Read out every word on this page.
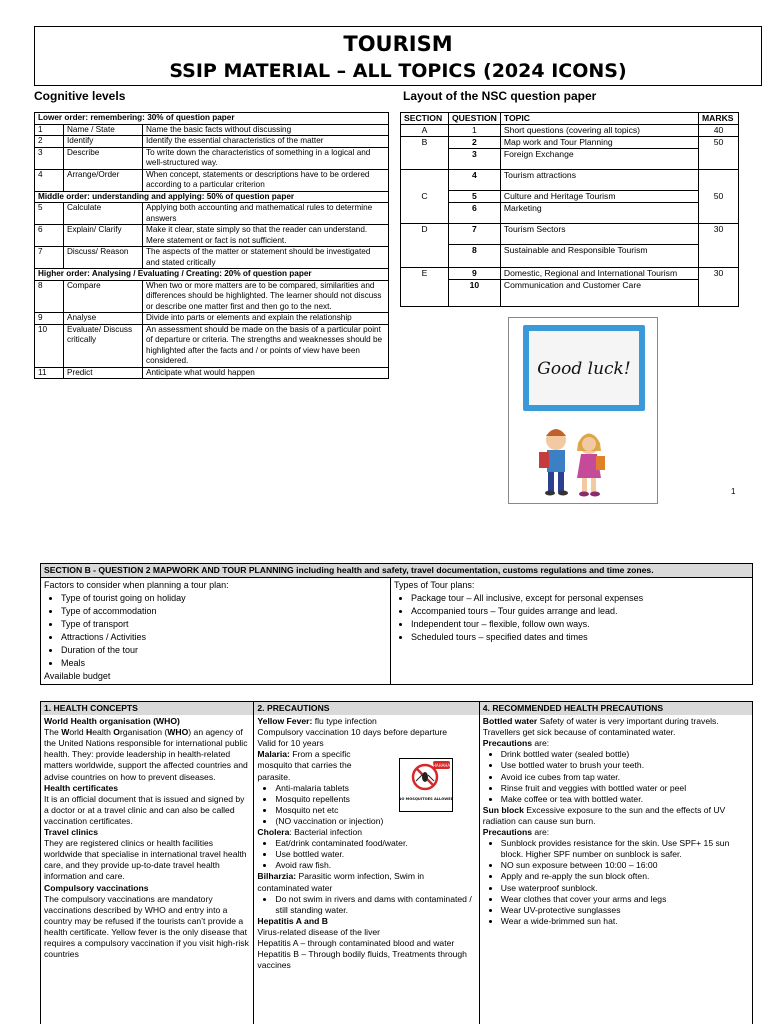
TOURISM
SSIP MATERIAL – ALL TOPICS (2024 ICONS)
Cognitive levels
Lower order: remembering: 30% of question paper		
1	Name / State	Name the basic facts without discussing
2	Identify	Identify the essential characteristics of the matter
3	Describe	To write down the characteristics of something in a logical and well-structured way.
4	Arrange/Order	When concept, statements or descriptions have to be ordered according to a particular criterion
Middle order: understanding and applying: 50% of question paper		
5	Calculate	Applying both accounting and mathematical rules to determine answers
6	Explain/ Clarify	Make it clear, state simply so that the reader can understand. Mere statement or fact is not sufficient.
7	Discuss/ Reason	The aspects of the matter or statement should be investigated and stated critically
Higher order: Analysing / Evaluating / Creating: 20% of question paper		
8	Compare	When two or more matters are to be compared, similarities and differences should be highlighted. The learner should not discuss or describe one matter first and then go to the next.
9	Analyse	Divide into parts or elements and explain the relationship
10	Evaluate/ Discuss critically	An assessment should be made on the basis of a particular point of departure or criteria. The strengths and weaknesses should be highlighted after the facts and / or points of view have been considered.
11	Predict	Anticipate what would happen
Layout of the NSC question paper
SECTION	QUESTION	TOPIC	MARKS
A	1	Short questions (covering all topics)	40
B	2	Map work and Tour Planning	50
	3	Foreign Exchange	
C	4	Tourism attractions	50
	5	Culture and Heritage Tourism	
	6	Marketing	
D	7	Tourism Sectors	30
	8	Sustainable and Responsible Tourism	
E	9	Domestic, Regional and International Tourism	30
	10	Communication and Customer Care	
Good luck!
1
SECTION B - QUESTION 2 MAPWORK AND TOUR PLANNING including health and safety, travel documentation, customs regulations and time zones.
Factors to consider when planning a tour plan:
• Type of tourist going on holiday
• Type of accommodation
• Type of transport
• Attractions / Activities
• Duration of the tour
• Meals
Available budget
Types of Tour plans:
• Package tour – All inclusive, except for personal expenses
• Accompanied tours – Tour guides arrange and lead.
• Independent tour – flexible, follow own ways.
• Scheduled tours – specified dates and times
1. HEALTH CONCEPTS
World Health organisation (WHO)

The World Health Organisation (WHO) an agency of the United Nations responsible for international public health. They: provide leadership in health-related matters worldwide, support the affected countries and advise countries on how to prevent diseases.

Health certificates

It is an official document that is issued and signed by a doctor or at a travel clinic and can also be called vaccination certificates.

Travel clinics

They are registered clinics or health facilities worldwide that specialise in international travel health care, and they provide up-to-date travel health information and care.

Compulsory vaccinations

The compulsory vaccinations are mandatory vaccinations described by WHO and entry into a country may be refused if the tourists can’t provide a health certificate. Yellow fever is the only disease that requires a compulsory vaccination if you visit high-risk countries

2. PRECAUTIONS

Yellow Fever: flu type infection

Compulsory vaccination 10 days before departure

Valid for 10 years

Malaria: From a specific mosquito that carries the parasite.

• Anti-malaria tablets
• Mosquito repellents
• Mosquito net etc
• (NO vaccination or injection)

Cholera: Bacterial infection

• Eat/drink contaminated food/water.
• Use bottled water.
• Avoid raw fish.

Bilharzia: Parasitic worm infection, Swim in contaminated water

• Do not swim in rivers and dams with contaminated / still standing water.
Hepatitis A and B

Virus-related disease of the liver

Hepatitis A – through contaminated blood and water

Hepatitis B – Through bodily fluids, Treatments through vaccines

HAHAHA
NO MOSQUITOES ALLOWED
4. RECOMMENDED HEALTH PRECAUTIONS

Bottled water Safety of water is very important during travels. Travellers get sick because of contaminated water.

Precautions are:

• Drink bottled water (sealed bottle)
• Use bottled water to brush your teeth.
• Avoid ice cubes from tap water.
• Rinse fruit and veggies with bottled water or peel
• Make coffee or tea with bottled water.

Sun block Excessive exposure to the sun and the effects of UV radiation can cause sun burn.

Precautions are:

• Sunblock provides resistance for the skin. Use SPF+ 15 sun block. Higher SPF number on sunblock is safer.
• NO sun exposure between 10:00 – 16:00
• Apply and re-apply the sun block often.
• Use waterproof sunblock.
• Wear clothes that cover your arms and legs
• Wear UV-protective sunglasses
• Wear a wide-brimmed sun hat.
